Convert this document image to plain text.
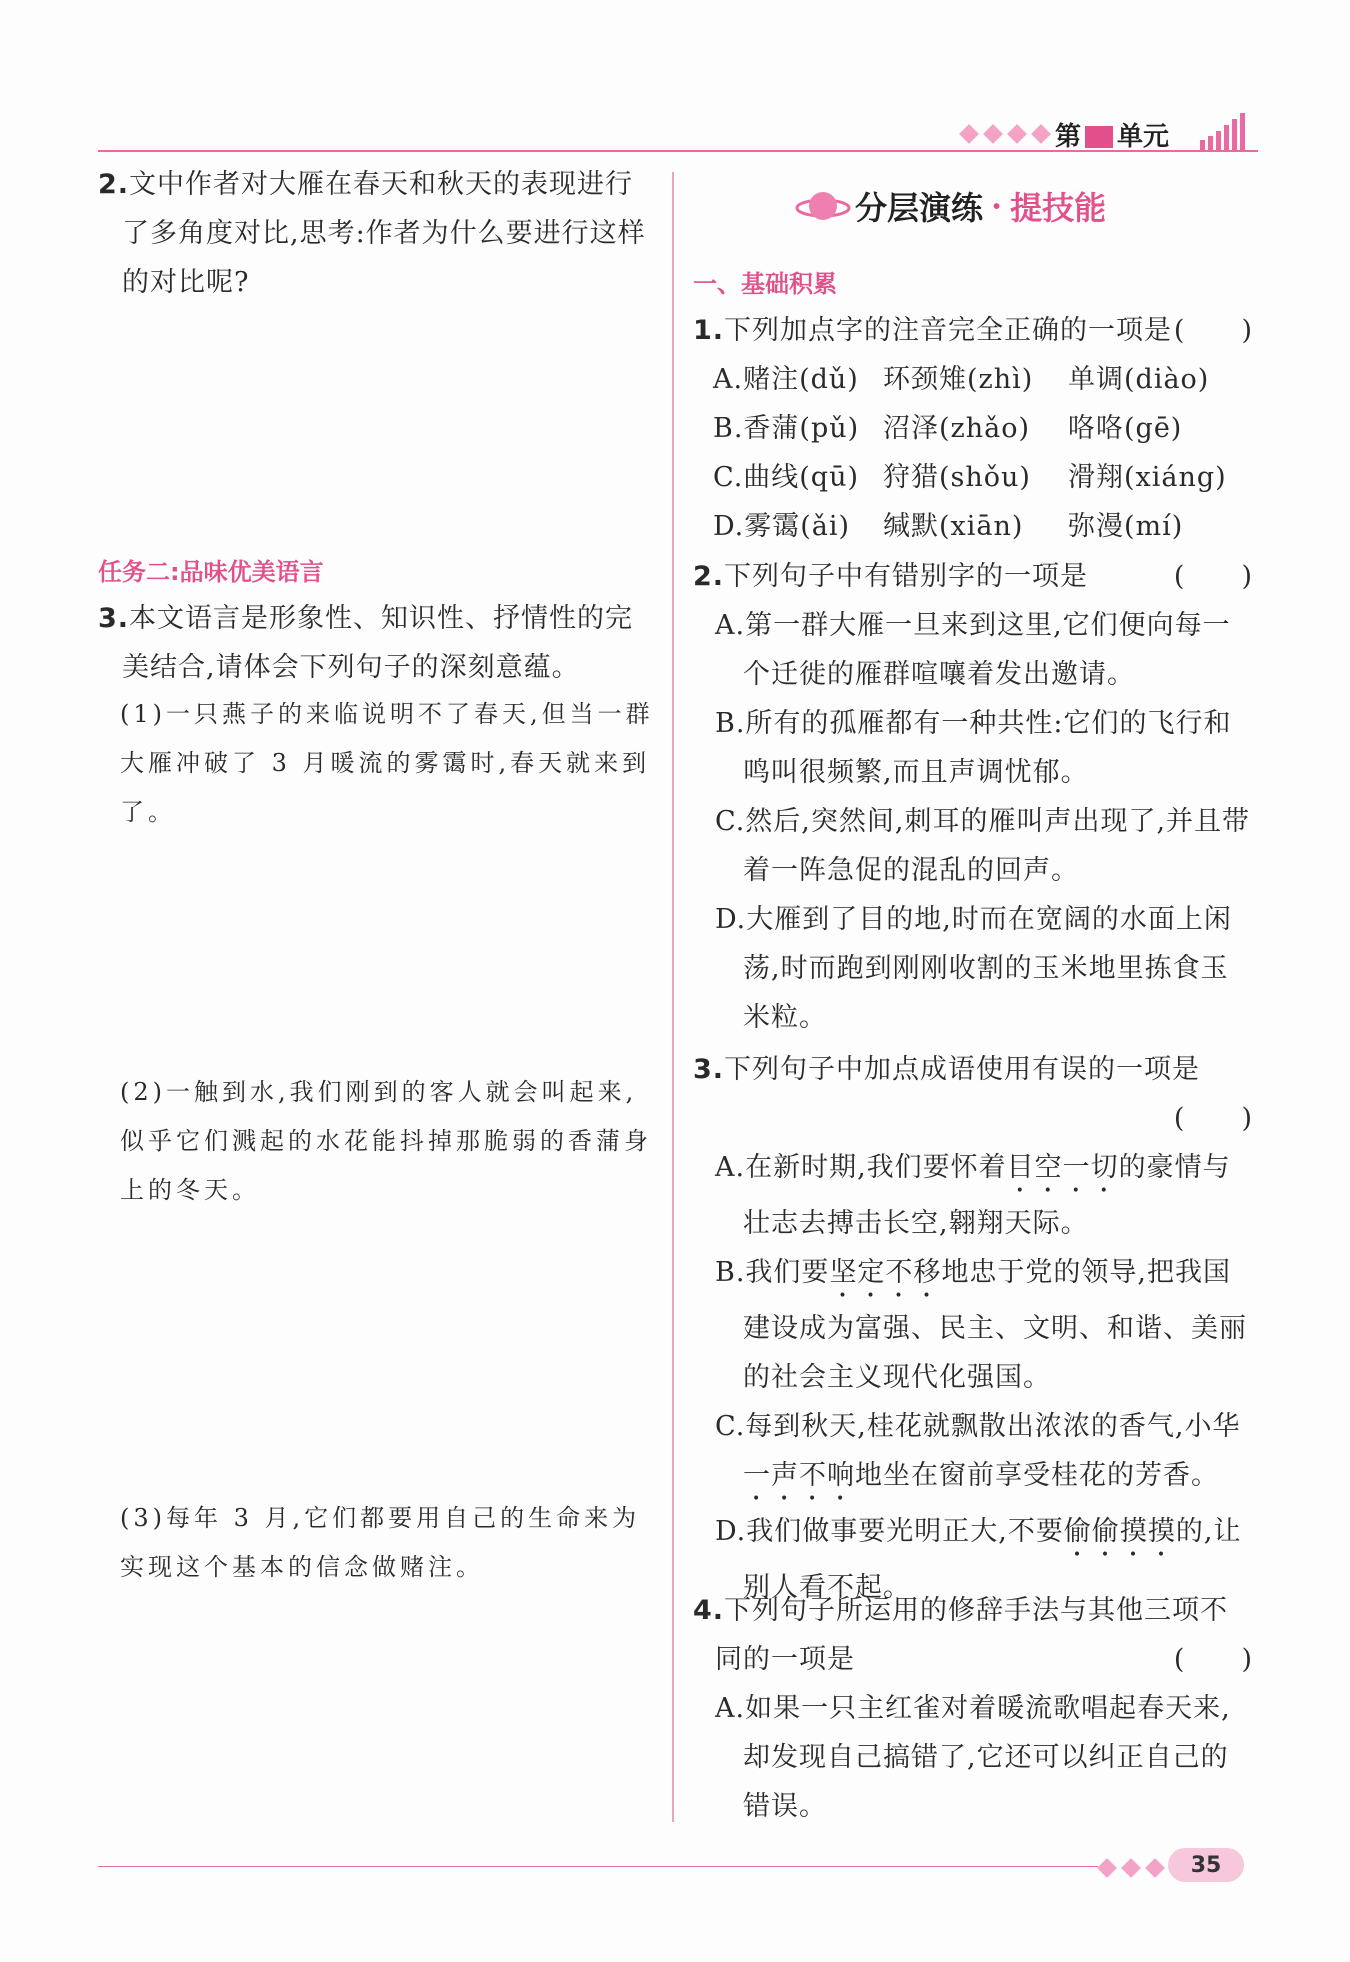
第 单元
2.文中作者对大雁在春天和秋天的表现进行了多角度对比,思考:作者为什么要进行这样的对比呢?
任务二:品味优美语言
3.本文语言是形象性、知识性、抒情性的完美结合,请体会下列句子的深刻意蕴。
(1)一只燕子的来临说明不了春天,但当一群大雁冲破了 3 月暖流的雾霭时,春天就来到了。
(2)一触到水,我们刚到的客人就会叫起来,似乎它们溅起的水花能抖掉那脆弱的香蒲身上的冬天。
(3)每年 3 月,它们都要用自己的生命来为实现这个基本的信念做赌注。
分层演练 · 提技能
一、基础积累
1.下列加点字的注音完全正确的一项是 (　　)
A.赌注(dǔ) 环颈雉(zhì)	单调(diào)
B.香蒲(pǔ) 沼泽(zhǎo)	咯咯(gē)
C.曲线(qū) 狩猎(shǒu)	滑翔(xiáng)
D.雾霭(ǎi)	缄默(xiān)	弥漫(mí)
2.下列句子中有错别字的一项是	(　　)
A.第一群大雁一旦来到这里,它们便向每一个迁徙的雁群喧嚷着发出邀请。
B.所有的孤雁都有一种共性:它们的飞行和鸣叫很频繁,而且声调忧郁。
C.然后,突然间,刺耳的雁叫声出现了,并且带着一阵急促的混乱的回声。
D.大雁到了目的地,时而在宽阔的水面上闲荡,时而跑到刚刚收割的玉米地里拣食玉米粒。
3.下列句子中加点成语使用有误的一项是
(　　)
A.在新时期,我们要怀着目空一切的豪情与壮志去搏击长空,翱翔天际。
B.我们要坚定不移地忠于党的领导,把我国建设成为富强、民主、文明、和谐、美丽的社会主义现代化强国。
C.每到秋天,桂花就飘散出浓浓的香气,小华一声不响地坐在窗前享受桂花的芳香。
D.我们做事要光明正大,不要偷偷摸摸的,让别人看不起。
4.下列句子所运用的修辞手法与其他三项不同的一项是	(　　)
A.如果一只主红雀对着暖流歌唱起春天来,却发现自己搞错了,它还可以纠正自己的错误。
35
